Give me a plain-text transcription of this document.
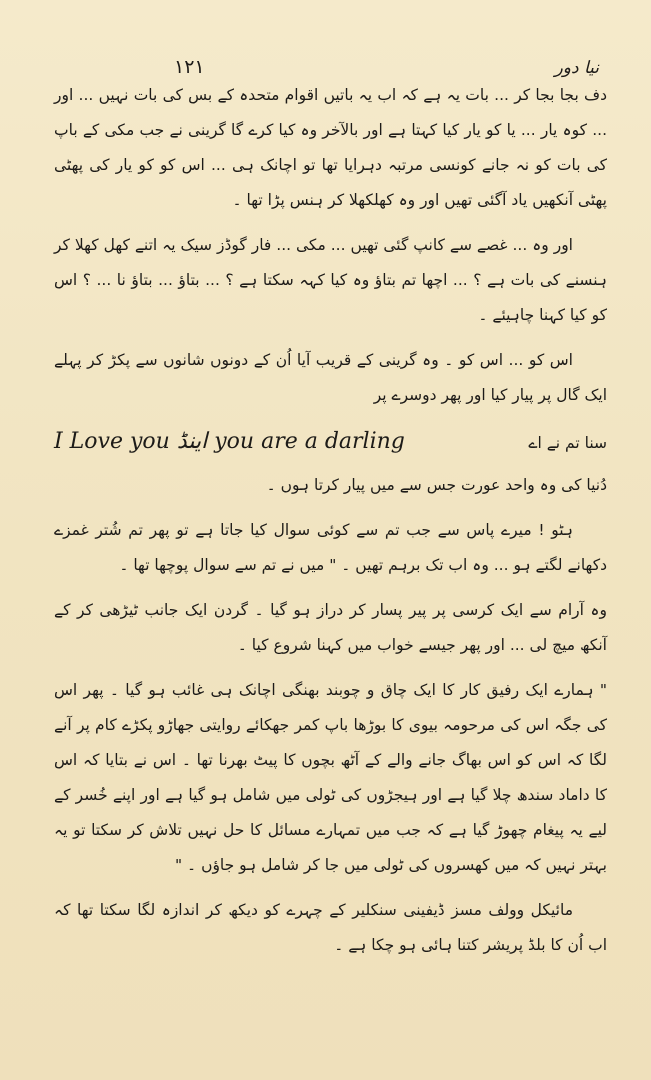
نیا دور
۱۲۱

دف بجا بجا کر ... بات یہ ہے کہ اب یہ باتیں اقوام متحدہ کے بس کی بات نہیں ... اور ... کوہ یار ... یا کو یار کیا کہتا ہے اور بالآخر وہ کیا کرے گا گرینی نے جب مکی کے باپ کی بات کو نہ جانے کونسی مرتبہ دہرایا تھا تو اچانک ہی ... اس کو کو یار کی پھٹی پھٹی آنکھیں یاد آگئی تھیں اور وہ کھلکھلا کر ہنس پڑا تھا ۔

اور وہ ... غصے سے کانپ گئی تھیں ... مکی ... فار گوڈز سیک یہ اتنے کھل کھلا کر ہنسنے کی بات ہے ؟ ... اچھا تم بتاؤ وہ کیا کہہ سکتا ہے ؟ ... بتاؤ ... بتاؤ نا ... ؟ اس کو کیا کہنا چاہیئے ۔

اس کو ... اس کو ۔ وہ گرینی کے قریب آیا اُن کے دونوں شانوں سے پکڑ کر پہلے ایک گال پر پیار کیا اور پھر دوسرے پر

I Love you اینڈ you are a darling	سنا تم نے اے

دُنیا کی وہ واحد عورت جس سے میں پیار کرتا ہوں ۔

ہٹو ! میرے پاس سے جب تم سے کوئی سوال کیا جاتا ہے تو پھر تم شُتر غمزے دکھانے لگتے ہو ... وہ اب تک برہم تھیں ۔ " میں نے تم سے سوال پوچھا تھا ۔

وہ آرام سے ایک کرسی پر پیر پسار کر دراز ہو گیا ۔ گردن ایک جانب ٹیڑھی کر کے آنکھ میچ لی ... اور پھر جیسے خواب میں کہنا شروع کیا ۔

" ہمارے ایک رفیق کار کا ایک چاق و چوبند بھنگی اچانک ہی غائب ہو گیا ۔ پھر اس کی جگہ اس کی مرحومہ بیوی کا بوڑھا باپ کمر جھکائے روایتی جھاڑو پکڑے کام پر آنے لگا کہ اس کو اس بھاگ جانے والے کے آٹھ بچوں کا پیٹ بھرنا تھا ۔ اس نے بتایا کہ اس کا داماد سندھ چلا گیا ہے اور ہیجڑوں کی ٹولی میں شامل ہو گیا ہے اور اپنے خُسر کے لیے یہ پیغام چھوڑ گیا ہے کہ جب میں تمہارے مسائل کا حل نہیں تلاش کر سکتا تو یہ بہتر نہیں کہ میں کھسروں کی ٹولی میں جا کر شامل ہو جاؤں ۔ "

مائیکل وولف مسز ڈیفینی سنکلیر کے چہرے کو دیکھ کر اندازہ لگا سکتا تھا کہ اب اُن کا بلڈ پریشر کتنا ہائی ہو چکا ہے ۔
